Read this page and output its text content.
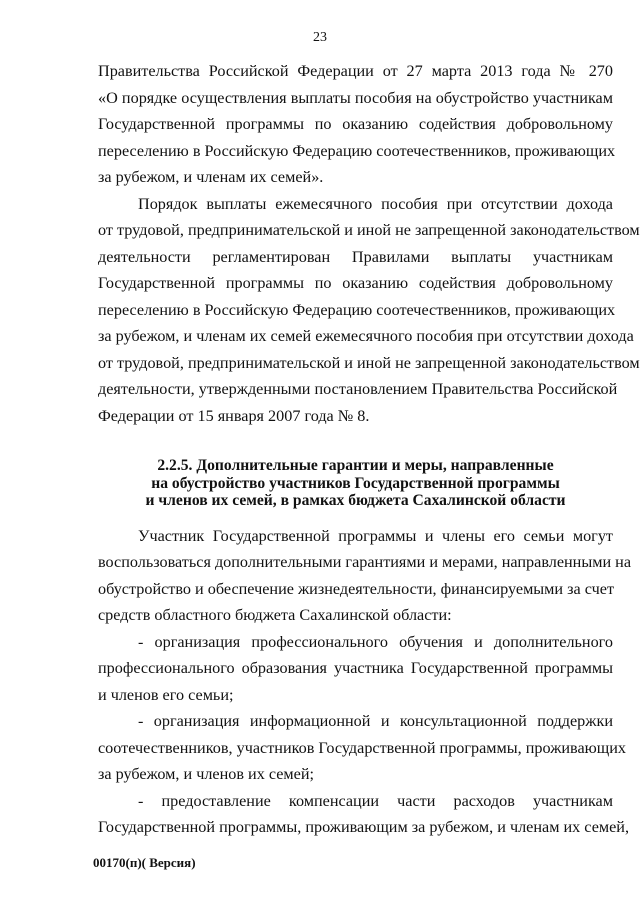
23
Правительства Российской Федерации от 27 марта 2013 года № 270
«О порядке осуществления выплаты пособия на обустройство участникам
Государственной программы по оказанию содействия добровольному
переселению в Российскую Федерацию соотечественников, проживающих
за рубежом, и членам их семей».
Порядок выплаты ежемесячного пособия при отсутствии дохода
от трудовой, предпринимательской и иной не запрещенной законодательством
деятельности регламентирован Правилами выплаты участникам
Государственной программы по оказанию содействия добровольному
переселению в Российскую Федерацию соотечественников, проживающих
за рубежом, и членам их семей ежемесячного пособия при отсутствии дохода
от трудовой, предпринимательской и иной не запрещенной законодательством
деятельности, утвержденными постановлением Правительства Российской
Федерации от 15 января 2007 года № 8.
2.2.5. Дополнительные гарантии и меры, направленные
на обустройство участников Государственной программы
и членов их семей, в рамках бюджета Сахалинской области
Участник Государственной программы и члены его семьи могут
воспользоваться дополнительными гарантиями и мерами, направленными на
обустройство и обеспечение жизнедеятельности, финансируемыми за счет
средств областного бюджета Сахалинской области:
- организация профессионального обучения и дополнительного
профессионального образования участника Государственной программы
и членов его семьи;
- организация информационной и консультационной поддержки
соотечественников, участников Государственной программы, проживающих
за рубежом, и членов их семей;
- предоставление компенсации части расходов участникам
Государственной программы, проживающим за рубежом, и членам их семей,
00170(п)( Версия)
